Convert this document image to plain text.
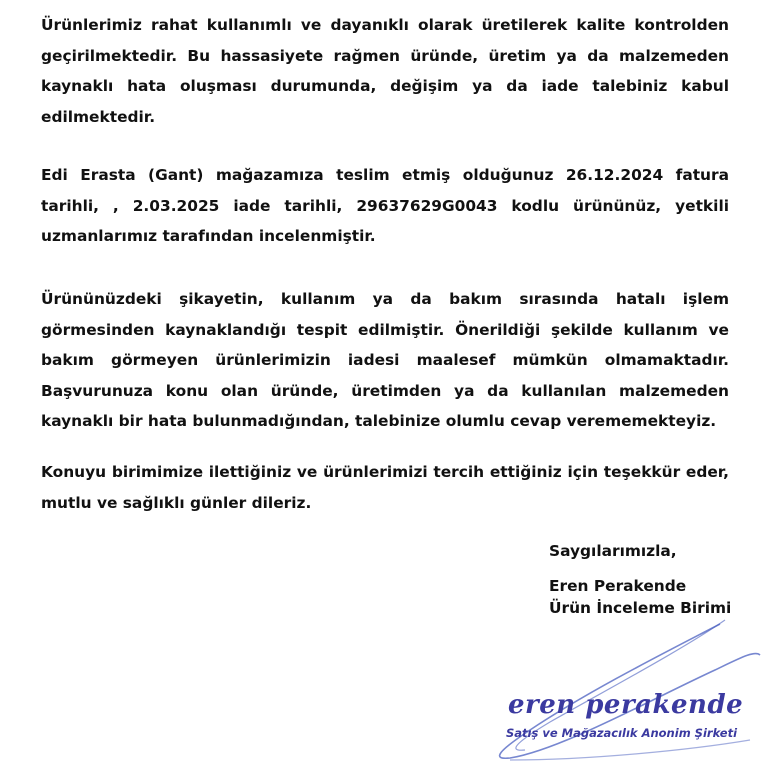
Ürünlerimiz rahat kullanımlı ve dayanıklı olarak üretilerek kalite kontrolden geçirilmektedir. Bu hassasiyete rağmen üründe, üretim ya da malzemeden kaynaklı hata oluşması durumunda, değişim ya da iade talebiniz kabul edilmektedir.

Edi Erasta (Gant) mağazamıza teslim etmiş olduğunuz 26.12.2024 fatura tarihli, , 2.03.2025 iade tarihli, 29637629G0043 kodlu ürününüz, yetkili uzmanlarımız tarafından incelenmiştir.

Ürününüzdeki şikayetin, kullanım ya da bakım sırasında hatalı işlem görmesinden kaynaklandığı tespit edilmiştir. Önerildiği şekilde kullanım ve bakım görmeyen ürünlerimizin iadesi maalesef mümkün olmamaktadır. Başvurunuza konu olan üründe, üretimden ya da kullanılan malzemeden kaynaklı bir hata bulunmadığından, talebinize olumlu cevap verememekteyiz.

Konuyu birimimize ilettiğiniz ve ürünlerimizi tercih ettiğiniz için teşekkür eder, mutlu ve sağlıklı günler dileriz.

Saygılarımızla,
Eren Perakende
Ürün İnceleme Birimi
eren perakende
Satış ve Mağazacılık Anonim Şirketi
